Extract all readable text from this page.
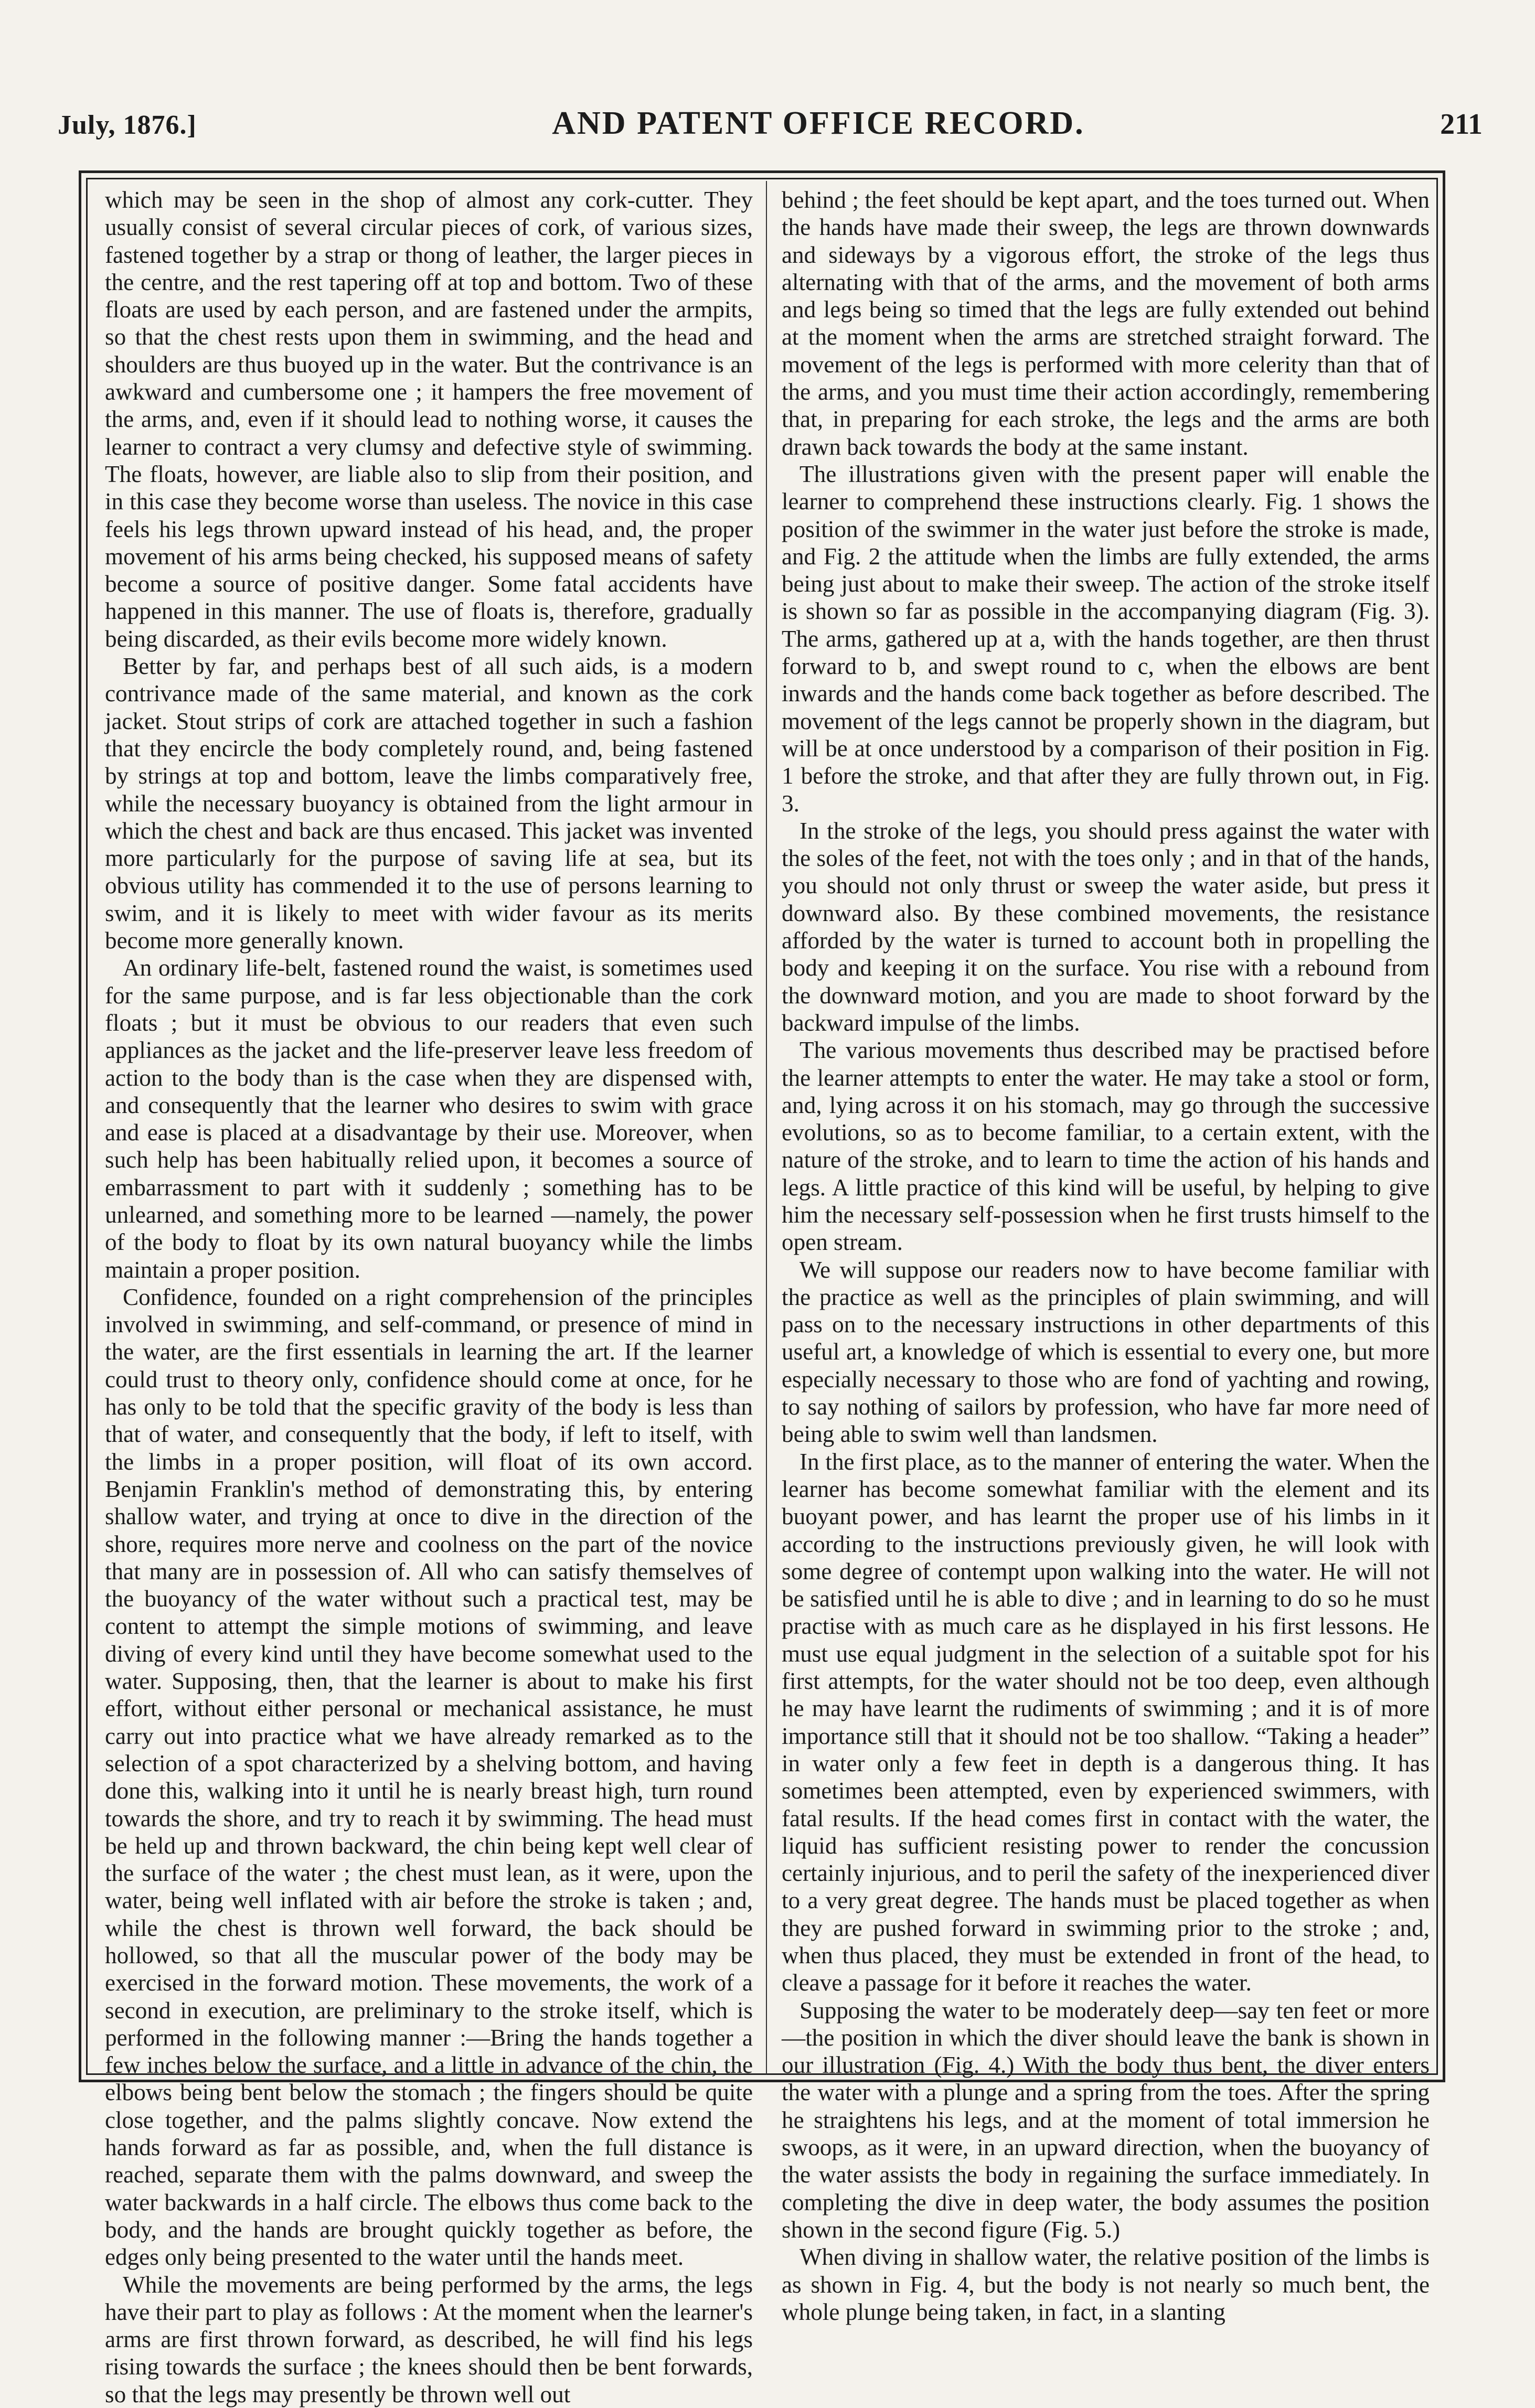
July, 1876.]	AND PATENT OFFICE RECORD.	211

which may be seen in the shop of almost any cork-cutter. They usually consist of several circular pieces of cork, of various sizes, fastened together by a strap or thong of leather, the larger pieces in the centre, and the rest tapering off at top and bottom. Two of these floats are used by each person, and are fastened under the armpits, so that the chest rests upon them in swimming, and the head and shoulders are thus buoyed up in the water. But the contrivance is an awkward and cumbersome one ; it hampers the free movement of the arms, and, even if it should lead to nothing worse, it causes the learner to contract a very clumsy and defective style of swimming. The floats, however, are liable also to slip from their position, and in this case they become worse than useless. The novice in this case feels his legs thrown upward instead of his head, and, the proper movement of his arms being checked, his supposed means of safety become a source of positive danger. Some fatal accidents have happened in this manner. The use of floats is, therefore, gradually being discarded, as their evils become more widely known.

Better by far, and perhaps best of all such aids, is a modern contrivance made of the same material, and known as the cork jacket. Stout strips of cork are attached together in such a fashion that they encircle the body completely round, and, being fastened by strings at top and bottom, leave the limbs comparatively free, while the necessary buoyancy is obtained from the light armour in which the chest and back are thus encased. This jacket was invented more particularly for the purpose of saving life at sea, but its obvious utility has commended it to the use of persons learning to swim, and it is likely to meet with wider favour as its merits become more generally known.

An ordinary life-belt, fastened round the waist, is sometimes used for the same purpose, and is far less objectionable than the cork floats ; but it must be obvious to our readers that even such appliances as the jacket and the life-preserver leave less freedom of action to the body than is the case when they are dispensed with, and consequently that the learner who desires to swim with grace and ease is placed at a disadvantage by their use. Moreover, when such help has been habitually relied upon, it becomes a source of embarrassment to part with it suddenly ; something has to be unlearned, and something more to be learned —namely, the power of the body to float by its own natural buoyancy while the limbs maintain a proper position.

Confidence, founded on a right comprehension of the principles involved in swimming, and self-command, or presence of mind in the water, are the first essentials in learning the art. If the learner could trust to theory only, confidence should come at once, for he has only to be told that the specific gravity of the body is less than that of water, and consequently that the body, if left to itself, with the limbs in a proper position, will float of its own accord. Benjamin Franklin's method of demonstrating this, by entering shallow water, and trying at once to dive in the direction of the shore, requires more nerve and coolness on the part of the novice that many are in possession of. All who can satisfy themselves of the buoyancy of the water without such a practical test, may be content to attempt the simple motions of swimming, and leave diving of every kind until they have become somewhat used to the water. Supposing, then, that the learner is about to make his first effort, without either personal or mechanical assistance, he must carry out into practice what we have already remarked as to the selection of a spot characterized by a shelving bottom, and having done this, walking into it until he is nearly breast high, turn round towards the shore, and try to reach it by swimming. The head must be held up and thrown backward, the chin being kept well clear of the surface of the water ; the chest must lean, as it were, upon the water, being well inflated with air before the stroke is taken ; and, while the chest is thrown well forward, the back should be hollowed, so that all the muscular power of the body may be exercised in the forward motion. These movements, the work of a second in execution, are preliminary to the stroke itself, which is performed in the following manner :—Bring the hands together a few inches below the surface, and a little in advance of the chin, the elbows being bent below the stomach ; the fingers should be quite close together, and the palms slightly concave. Now extend the hands forward as far as possible, and, when the full distance is reached, separate them with the palms downward, and sweep the water backwards in a half circle. The elbows thus come back to the body, and the hands are brought quickly together as before, the edges only being presented to the water until the hands meet.

While the movements are being performed by the arms, the legs have their part to play as follows : At the moment when the learner's arms are first thrown forward, as described, he will find his legs rising towards the surface ; the knees should then be bent forwards, so that the legs may presently be thrown well out

behind ; the feet should be kept apart, and the toes turned out. When the hands have made their sweep, the legs are thrown downwards and sideways by a vigorous effort, the stroke of the legs thus alternating with that of the arms, and the movement of both arms and legs being so timed that the legs are fully extended out behind at the moment when the arms are stretched straight forward. The movement of the legs is performed with more celerity than that of the arms, and you must time their action accordingly, remembering that, in preparing for each stroke, the legs and the arms are both drawn back towards the body at the same instant.

The illustrations given with the present paper will enable the learner to comprehend these instructions clearly. Fig. 1 shows the position of the swimmer in the water just before the stroke is made, and Fig. 2 the attitude when the limbs are fully extended, the arms being just about to make their sweep. The action of the stroke itself is shown so far as possible in the accompanying diagram (Fig. 3). The arms, gathered up at a, with the hands together, are then thrust forward to b, and swept round to c, when the elbows are bent inwards and the hands come back together as before described. The movement of the legs cannot be properly shown in the diagram, but will be at once understood by a comparison of their position in Fig. 1 before the stroke, and that after they are fully thrown out, in Fig. 3.

In the stroke of the legs, you should press against the water with the soles of the feet, not with the toes only ; and in that of the hands, you should not only thrust or sweep the water aside, but press it downward also. By these combined movements, the resistance afforded by the water is turned to account both in propelling the body and keeping it on the surface. You rise with a rebound from the downward motion, and you are made to shoot forward by the backward impulse of the limbs.

The various movements thus described may be practised before the learner attempts to enter the water. He may take a stool or form, and, lying across it on his stomach, may go through the successive evolutions, so as to become familiar, to a certain extent, with the nature of the stroke, and to learn to time the action of his hands and legs. A little practice of this kind will be useful, by helping to give him the necessary self-possession when he first trusts himself to the open stream.

We will suppose our readers now to have become familiar with the practice as well as the principles of plain swimming, and will pass on to the necessary instructions in other departments of this useful art, a knowledge of which is essential to every one, but more especially necessary to those who are fond of yachting and rowing, to say nothing of sailors by profession, who have far more need of being able to swim well than landsmen.

In the first place, as to the manner of entering the water. When the learner has become somewhat familiar with the element and its buoyant power, and has learnt the proper use of his limbs in it according to the instructions previously given, he will look with some degree of contempt upon walking into the water. He will not be satisfied until he is able to dive ; and in learning to do so he must practise with as much care as he displayed in his first lessons. He must use equal judgment in the selection of a suitable spot for his first attempts, for the water should not be too deep, even although he may have learnt the rudiments of swimming ; and it is of more importance still that it should not be too shallow. “Taking a header” in water only a few feet in depth is a dangerous thing. It has sometimes been attempted, even by experienced swimmers, with fatal results. If the head comes first in contact with the water, the liquid has sufficient resisting power to render the concussion certainly injurious, and to peril the safety of the inexperienced diver to a very great degree. The hands must be placed together as when they are pushed forward in swimming prior to the stroke ; and, when thus placed, they must be extended in front of the head, to cleave a passage for it before it reaches the water.

Supposing the water to be moderately deep—say ten feet or more—the position in which the diver should leave the bank is shown in our illustration (Fig. 4.) With the body thus bent, the diver enters the water with a plunge and a spring from the toes. After the spring he straightens his legs, and at the moment of total immersion he swoops, as it were, in an upward direction, when the buoyancy of the water assists the body in regaining the surface immediately. In completing the dive in deep water, the body assumes the position shown in the second figure (Fig. 5.)

When diving in shallow water, the relative position of the limbs is as shown in Fig. 4, but the body is not nearly so much bent, the whole plunge being taken, in fact, in a slanting
